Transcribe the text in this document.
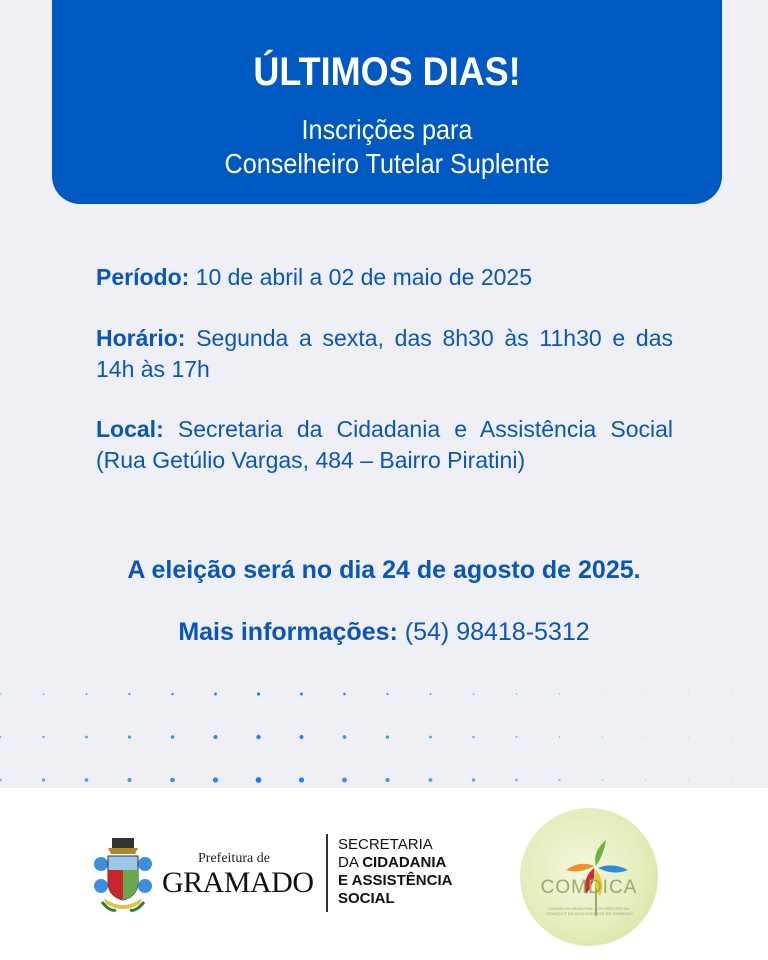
ÚLTIMOS DIAS!
Inscrições para
Conselheiro Tutelar Suplente
Período: 10 de abril a 02 de maio de 2025
Horário: Segunda a sexta, das 8h30 às 11h30 e das 14h às 17h
Local: Secretaria da Cidadania e Assistência Social (Rua Getúlio Vargas, 484 – Bairro Piratini)
A eleição será no dia 24 de agosto de 2025.
Mais informações: (54) 98418-5312
Prefeitura de
GRAMADO
SECRETARIA
DA CIDADANIA
E ASSISTÊNCIA
SOCIAL
COMDICA
CONSELHO MUNICIPAL DOS DIREITOS DA CRIANÇA E DO ADOLESCENTE DE GRAMADO
